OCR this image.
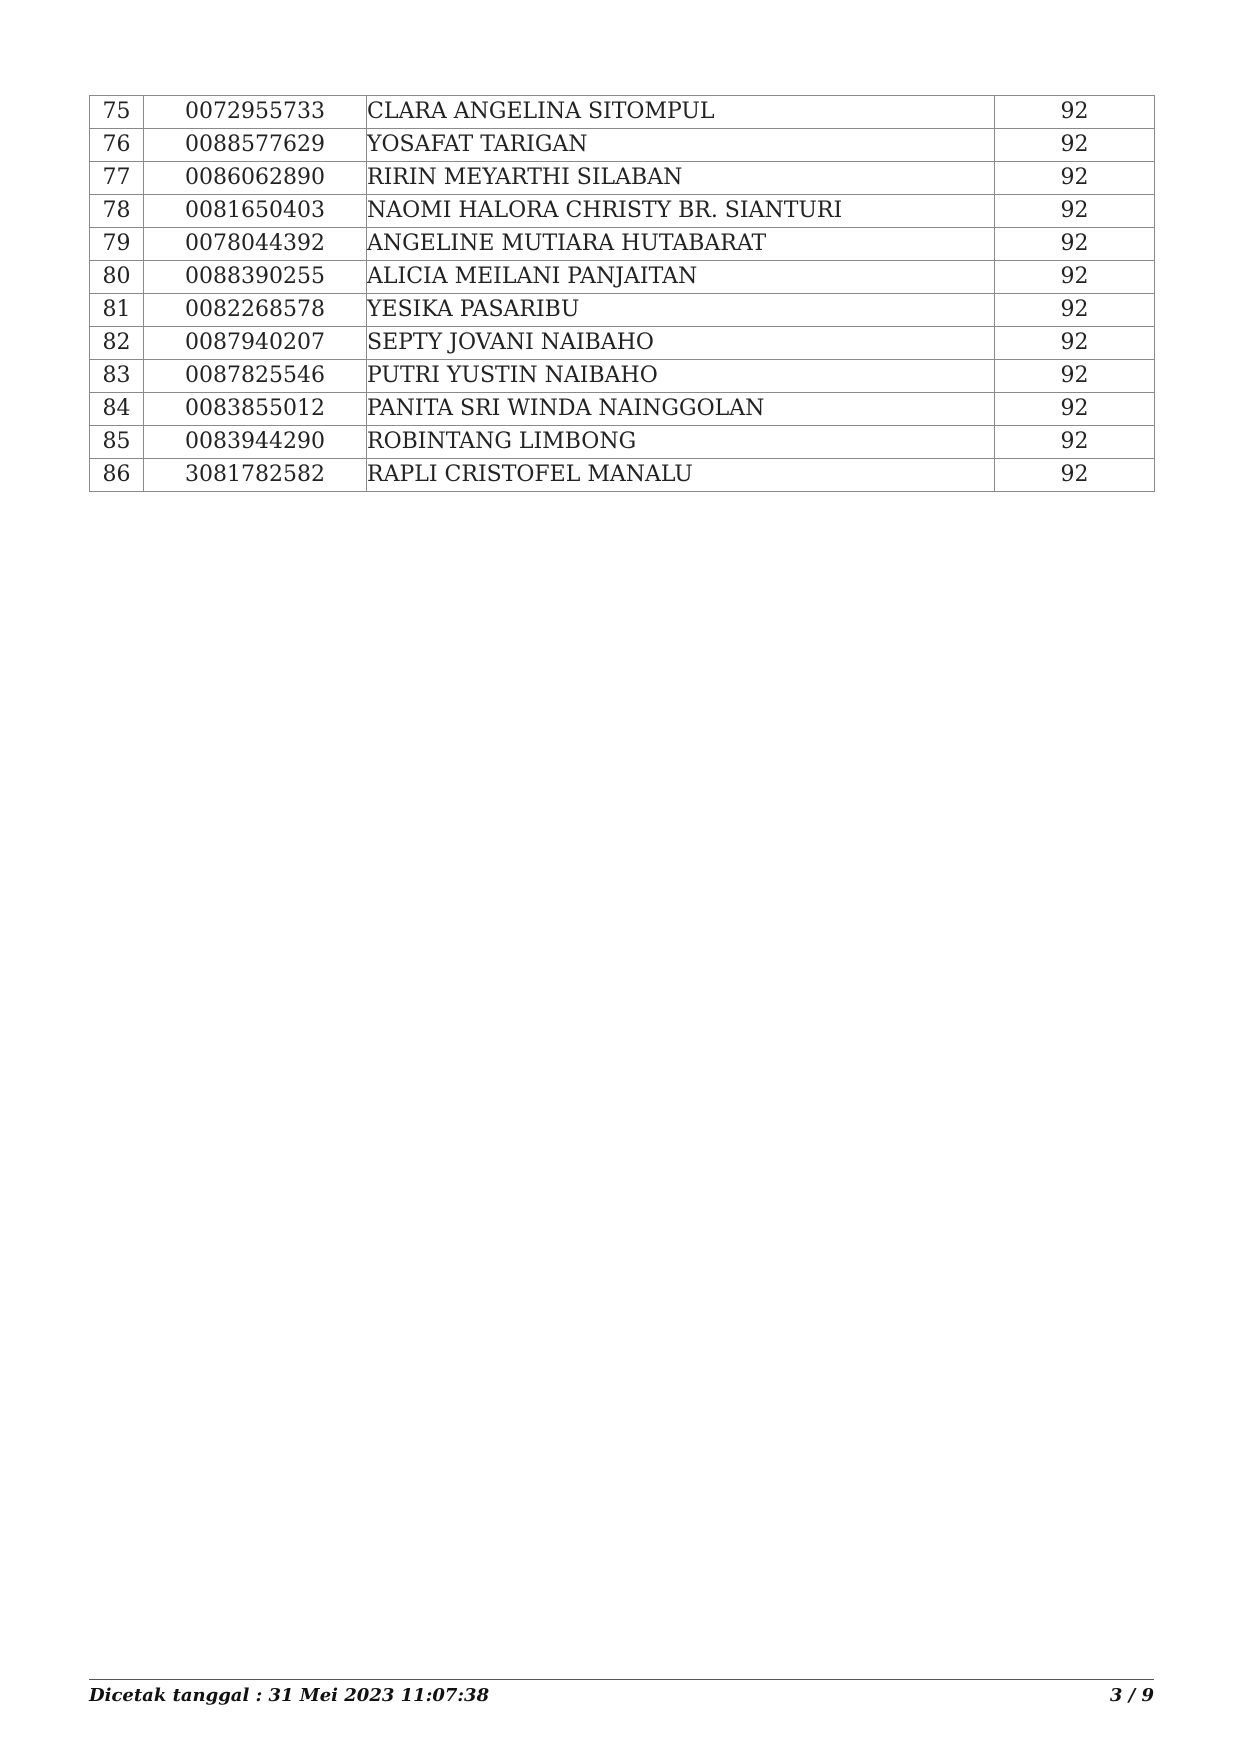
75	0072955733	CLARA ANGELINA SITOMPUL	92
76	0088577629	YOSAFAT TARIGAN	92
77	0086062890	RIRIN MEYARTHI SILABAN	92
78	0081650403	NAOMI HALORA CHRISTY BR. SIANTURI	92
79	0078044392	ANGELINE MUTIARA HUTABARAT	92
80	0088390255	ALICIA MEILANI PANJAITAN	92
81	0082268578	YESIKA PASARIBU	92
82	0087940207	SEPTY JOVANI NAIBAHO	92
83	0087825546	PUTRI YUSTIN NAIBAHO	92
84	0083855012	PANITA SRI WINDA NAINGGOLAN	92
85	0083944290	ROBINTANG LIMBONG	92
86	3081782582	RAPLI CRISTOFEL MANALU	92
Dicetak tanggal : 31 Mei 2023 11:07:38	3 / 9
